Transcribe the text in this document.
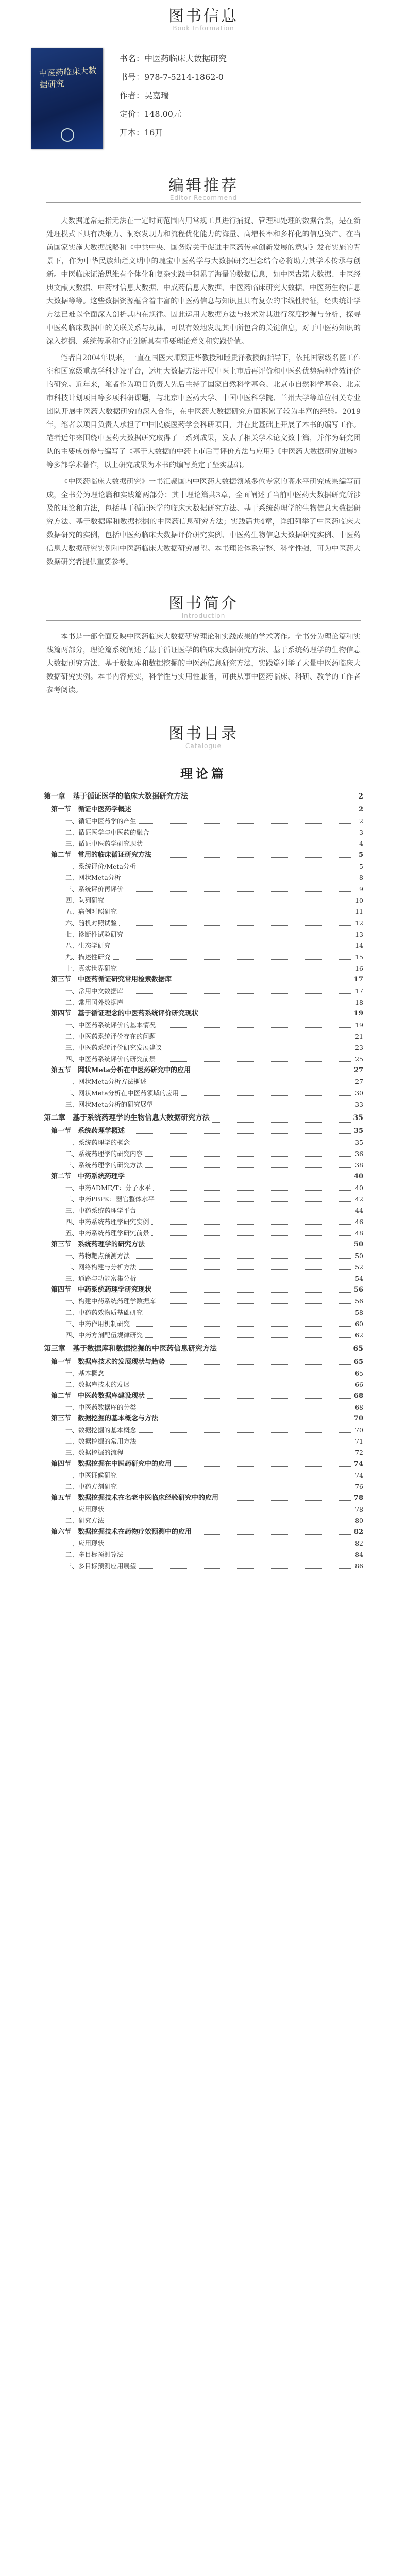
图书信息
Book Information
中医药临床大数据研究
书名：中医药临床大数据研究
书号：978-7-5214-1862-0
作者：吴嘉瑞
定价：148.00元
开本：16开
编辑推荐
Editor Recommend

大数据通常是指无法在一定时间范围内用常规工具进行捕捉、管理和处理的数据合集，是在新处理模式下具有决策力、洞察发现力和流程优化能力的海量、高增长率和多样化的信息资产。在当前国家实施大数据战略和《中共中央、国务院关于促进中医药传承创新发展的意见》发布实施的背景下，作为中华民族灿烂文明中的瑰宝中医药学与大数据研究理念结合必将助力其学术传承与创新。中医临床证治思维有个体化和复杂实践中积累了海量的数据信息，如中医古籍大数据、中医经典文献大数据、中药材信息大数据、中成药信息大数据、中医药临床研究大数据、中医药生物信息大数据等等。这些数据资源蕴含着丰富的中医药信息与知识且具有复杂的非线性特征，经典统计学方法已难以全面深入剖析其内在规律。因此运用大数据方法与技术对其进行深度挖掘与分析，探寻中医药临床数据中的关联关系与规律，可以有效地发现其中所包含的关键信息，对于中医药知识的深入挖掘、系统传承和守正创新具有重要理论意义和实践价值。

笔者自2004年以来，一直在国医大师颜正华教授和睦贵泽教授的指导下，依托国家级名医工作室和国家级重点学科建设平台，运用大数据方法开展中医上市后再评价和中医药优势病种疗效评价的研究。近年来，笔者作为项目负责人先后主持了国家自然科学基金、北京市自然科学基金、北京市科技计划项目等多项科研课题，与北京中医药大学、中国中医科学院、兰州大学等单位相关专业团队开展中医药大数据研究的深入合作，在中医药大数据研究方面积累了较为丰富的经验。2019年，笔者以项目负责人承担了中国民族医药学会科研项目，并在此基础上开展了本书的编写工作。笔者近年来围绕中医药大数据研究取得了一系列成果，发表了相关学术论文数十篇，并作为研究团队的主要成员参与编写了《基于大数据的中药上市后再评价方法与应用》《中医药大数据研究进展》等多部学术著作，以上研究成果为本书的编写奠定了坚实基础。

《中医药临床大数据研究》一书汇聚国内中医药大数据领域多位专家的高水平研究成果编写而成，全书分为理论篇和实践篇两部分：其中理论篇共3章，全面阐述了当前中医药大数据研究所涉及的理论和方法，包括基于循证医学的临床大数据研究方法、基于系统药理学的生物信息大数据研究方法、基于数据库和数据挖掘的中医药信息研究方法；实践篇共4章，详细列举了中医药临床大数据研究的实例，包括中医药临床大数据评价研究实例、中医药生物信息大数据研究实例、中医药信息大数据研究实例和中医药临床大数据研究展望。本书理论体系完整、科学性强，可为中医药大数据研究者提供重要参考。

图书简介
Introduction

本书是一部全面反映中医药临床大数据研究理论和实践成果的学术著作。全书分为理论篇和实践篇两部分，理论篇系统阐述了基于循证医学的临床大数据研究方法、基于系统药理学的生物信息大数据研究方法、基于数据库和数据挖掘的中医药信息研究方法，实践篇列举了大量中医药临床大数据研究实例。本书内容翔实，科学性与实用性兼备，可供从事中医药临床、科研、教学的工作者参考阅读。

图书目录
Catalogue
理论篇
第一章　基于循证医学的临床大数据研究方法	2
第一节　循证中医药学概述	2
一、循证中医药学的产生	2
二、循证医学与中医药的融合	3
三、循证中医药学研究现状	4
第二节　常用的临床循证研究方法	5
一、系统评价/Meta分析	5
二、网状Meta分析	8
三、系统评价再评价	9
四、队列研究	10
五、病例对照研究	11
六、随机对照试验	12
七、诊断性试验研究	13
八、生态学研究	14
九、描述性研究	15
十、真实世界研究	16
第三节　中医药循证研究常用检索数据库	17
一、常用中文数据库	17
二、常用国外数据库	18
第四节　基于循证理念的中医药系统评价研究现状	19
一、中医药系统评价的基本情况	19
二、中医药系统评价存在的问题	21
三、中医药系统评价研究发展建议	23
四、中医药系统评价的研究前景	25
第五节　网状Meta分析在中医药研究中的应用	27
一、网状Meta分析方法概述	27
二、网状Meta分析在中医药领域的应用	30
三、网状Meta分析的研究展望	33
第二章　基于系统药理学的生物信息大数据研究方法	35
第一节　系统药理学概述	35
一、系统药理学的概念	35
二、系统药理学的研究内容	36
三、系统药理学的研究方法	38
第二节　中药系统药理学	40
一、中药ADME/T：分子水平	40
二、中药PBPK：器官整体水平	42
三、中药系统药理学平台	44
四、中药系统药理学研究实例	46
五、中药系统药理学研究前景	48
第三节　系统药理学的研究方法	50
一、药物靶点预测方法	50
二、网络构建与分析方法	52
三、通路与功能富集分析	54
第四节　中药系统药理学研究现状	56
一、构建中药系统药理学数据库	56
二、中药药效物质基础研究	58
三、中药作用机制研究	60
四、中药方剂配伍规律研究	62
第三章　基于数据库和数据挖掘的中医药信息研究方法	65
第一节　数据库技术的发展现状与趋势	65
一、基本概念	65
二、数据库技术的发展	66
第二节　中医药数据库建设现状	68
一、中医药数据库的分类	68
第三节　数据挖掘的基本概念与方法	70
一、数据挖掘的基本概念	70
二、数据挖掘的常用方法	71
三、数据挖掘的流程	72
第四节　数据挖掘在中医药研究中的应用	74
一、中医证候研究	74
二、中药方剂研究	76
第五节　数据挖掘技术在名老中医临床经验研究中的应用	78
一、应用现状	78
二、研究方法	80
第六节　数据挖掘技术在药物疗效预测中的应用	82
一、应用现状	82
二、多目标预测算法	84
三、多目标预测应用展望	86
